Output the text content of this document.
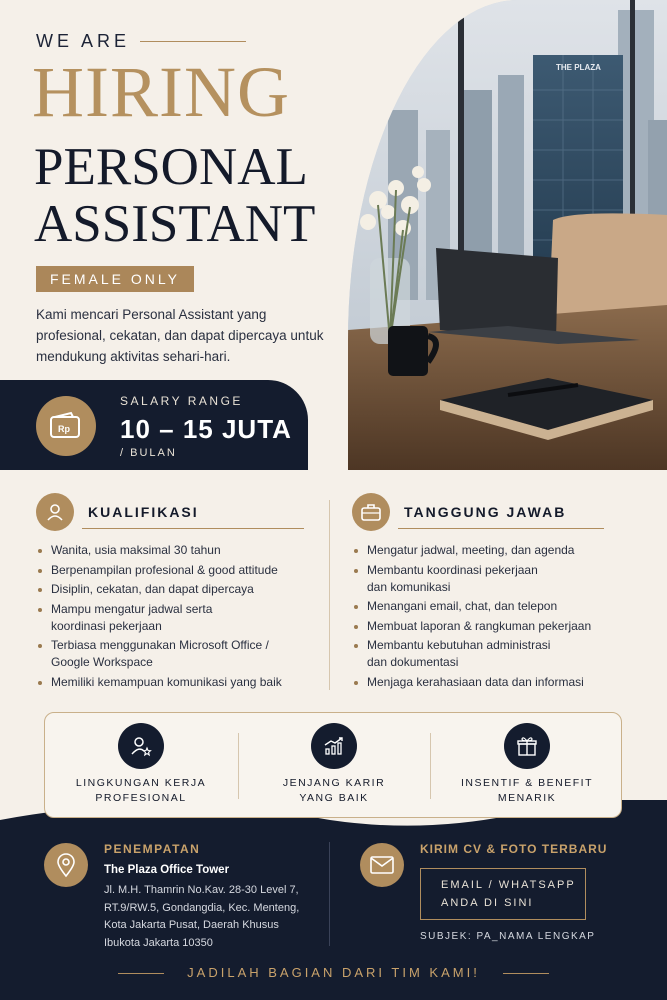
THE PLAZA
WE ARE
HIRING
PERSONAL
ASSISTANT
FEMALE ONLY
Kami mencari Personal Assistant yang profesional, cekatan, dan dapat dipercaya untuk mendukung aktivitas sehari-hari.
Rp
SALARY RANGE
10 – 15 JUTA
/ BULAN
KUALIFIKASI
Wanita, usia maksimal 30 tahun
Berpenampilan profesional & good attitude
Disiplin, cekatan, dan dapat dipercaya
Mampu mengatur jadwal serta
koordinasi pekerjaan
Terbiasa menggunakan Microsoft Office /
Google Workspace
Memiliki kemampuan komunikasi yang baik
TANGGUNG JAWAB
Mengatur jadwal, meeting, dan agenda
Membantu koordinasi pekerjaan
dan komunikasi
Menangani email, chat, dan telepon
Membuat laporan & rangkuman pekerjaan
Membantu kebutuhan administrasi
dan dokumentasi
Menjaga kerahasiaan data dan informasi
LINGKUNGAN KERJA
PROFESIONAL
JENJANG KARIR
YANG BAIK
INSENTIF & BENEFIT
MENARIK
PENEMPATAN
The Plaza Office Tower
Jl. M.H. Thamrin No.Kav. 28-30 Level 7,
RT.9/RW.5, Gondangdia, Kec. Menteng,
Kota Jakarta Pusat, Daerah Khusus
Ibukota Jakarta 10350
KIRIM CV & FOTO TERBARU
EMAIL / WHATSAPP
ANDA DI SINI
SUBJEK: PA_NAMA LENGKAP
JADILAH BAGIAN DARI TIM KAMI!
